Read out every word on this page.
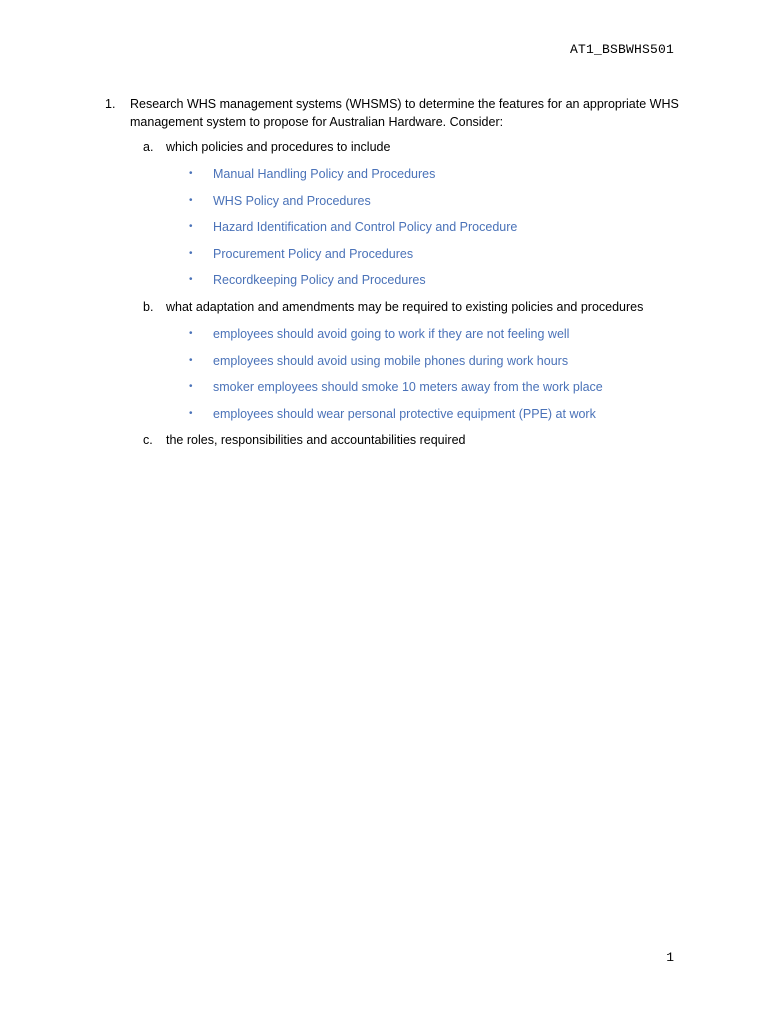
AT1_BSBWHS501
1.	Research WHS management systems (WHSMS) to determine the features for an appropriate WHS management system to propose for Australian Hardware. Consider:
a.	which policies and procedures to include
•	Manual Handling Policy and Procedures
•	WHS Policy and Procedures
•	Hazard Identification and Control Policy and Procedure
•	Procurement Policy and Procedures
•	Recordkeeping Policy and Procedures
b.	what adaptation and amendments may be required to existing policies and procedures
•	employees should avoid going to work if they are not feeling well
•	employees should avoid using mobile phones during work hours
•	smoker employees should smoke 10 meters away from the work place
•	employees should wear personal protective equipment (PPE) at work
c.	the roles, responsibilities and accountabilities required
1
